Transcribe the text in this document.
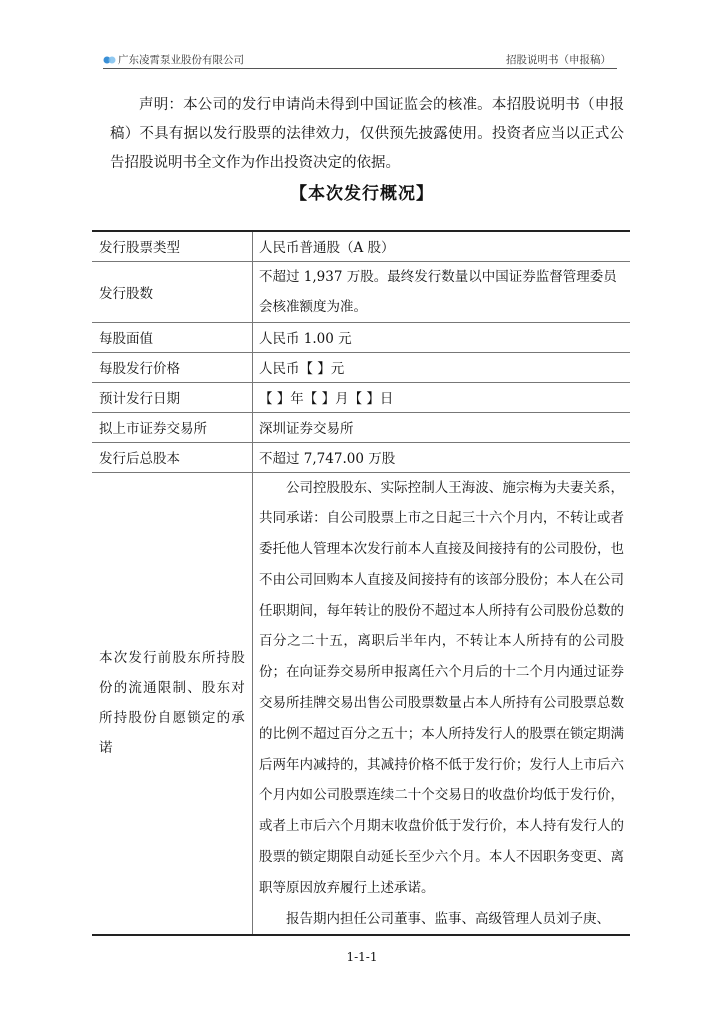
广东凌霄泵业股份有限公司	招股说明书（申报稿）
声明：本公司的发行申请尚未得到中国证监会的核准。本招股说明书（申报稿）不具有据以发行股票的法律效力，仅供预先披露使用。投资者应当以正式公告招股说明书全文作为作出投资决定的依据。
【本次发行概况】
发行股票类型	人民币普通股（A 股）
发行股数	不超过 1,937 万股。最终发行数量以中国证券监督管理委员会核准额度为准。
每股面值	人民币 1.00 元
每股发行价格	人民币【 】元
预计发行日期	【 】年【 】月【 】日
拟上市证券交易所	深圳证券交易所
发行后总股本	不超过 7,747.00 万股
本次发行前股东所持股份的流通限制、股东对所持股份自愿锁定的承诺	公司控股股东、实际控制人王海波、施宗梅为夫妻关系，共同承诺：自公司股票上市之日起三十六个月内，不转让或者委托他人管理本次发行前本人直接及间接持有的公司股份，也不由公司回购本人直接及间接持有的该部分股份；本人在公司任职期间，每年转让的股份不超过本人所持有公司股份总数的百分之二十五，离职后半年内，不转让本人所持有的公司股份；在向证券交易所申报离任六个月后的十二个月内通过证券交易所挂牌交易出售公司股票数量占本人所持有公司股票总数的比例不超过百分之五十；本人所持发行人的股票在锁定期满后两年内减持的，其减持价格不低于发行价；发行人上市后六个月内如公司股票连续二十个交易日的收盘价均低于发行价，或者上市后六个月期末收盘价低于发行价，本人持有发行人的股票的锁定期限自动延长至少六个月。本人不因职务变更、离职等原因放弃履行上述承诺。
报告期内担任公司董事、监事、高级管理人员刘子庚、
1-1-1
